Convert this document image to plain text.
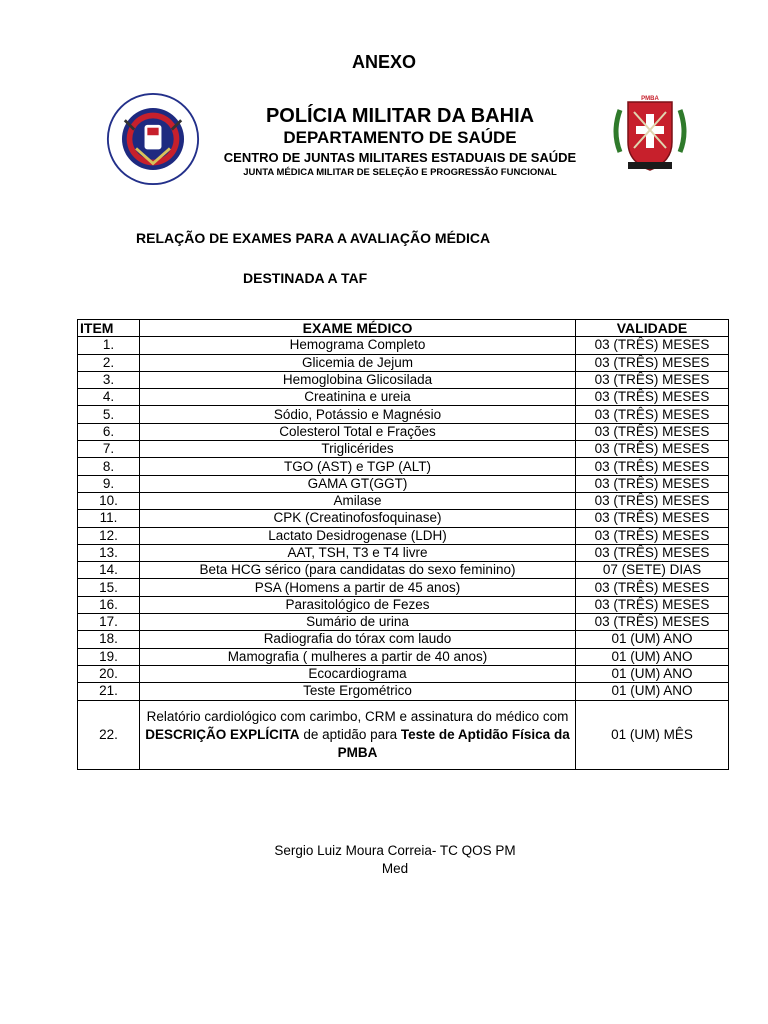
ANEXO
PMBA
POLÍCIA MILITAR DA BAHIA
DEPARTAMENTO DE SAÚDE
CENTRO DE JUNTAS MILITARES ESTADUAIS DE SAÚDE
JUNTA MÉDICA MILITAR DE SELEÇÃO E PROGRESSÃO FUNCIONAL
RELAÇÃO DE EXAMES PARA A AVALIAÇÃO MÉDICA
DESTINADA A TAF
ITEM	EXAME MÉDICO	VALIDADE
1.	Hemograma Completo	03 (TRÊS) MESES
2.	Glicemia de Jejum	03 (TRÊS) MESES
3.	Hemoglobina Glicosilada	03 (TRÊS) MESES
4.	Creatinina e ureia	03 (TRÊS) MESES
5.	Sódio, Potássio e Magnésio	03 (TRÊS) MESES
6.	Colesterol Total e Frações	03 (TRÊS) MESES
7.	Triglicérides	03 (TRÊS) MESES
8.	TGO (AST) e TGP (ALT)	03 (TRÊS) MESES
9.	GAMA GT(GGT)	03 (TRÊS) MESES
10.	Amilase	03 (TRÊS) MESES
11.	CPK (Creatinofosfoquinase)	03 (TRÊS) MESES
12.	Lactato Desidrogenase (LDH)	03 (TRÊS) MESES
13.	AAT, TSH, T3 e T4 livre	03 (TRÊS) MESES
14.	Beta HCG sérico (para candidatas do sexo feminino)	07 (SETE) DIAS
15.	PSA (Homens a partir de 45 anos)	03 (TRÊS) MESES
16.	Parasitológico de Fezes	03 (TRÊS) MESES
17.	Sumário de urina	03 (TRÊS) MESES
18.	Radiografia do tórax com laudo	01 (UM) ANO
19.	Mamografia ( mulheres a partir de 40 anos)	01 (UM) ANO
20.	Ecocardiograma	01 (UM) ANO
21.	Teste Ergométrico	01 (UM) ANO
22.	Relatório cardiológico com carimbo, CRM e assinatura do médico com DESCRIÇÃO EXPLÍCITA de aptidão para Teste de Aptidão Física da PMBA	01 (UM) MÊS
Sergio Luiz Moura Correia- TC QOS PM
Med
